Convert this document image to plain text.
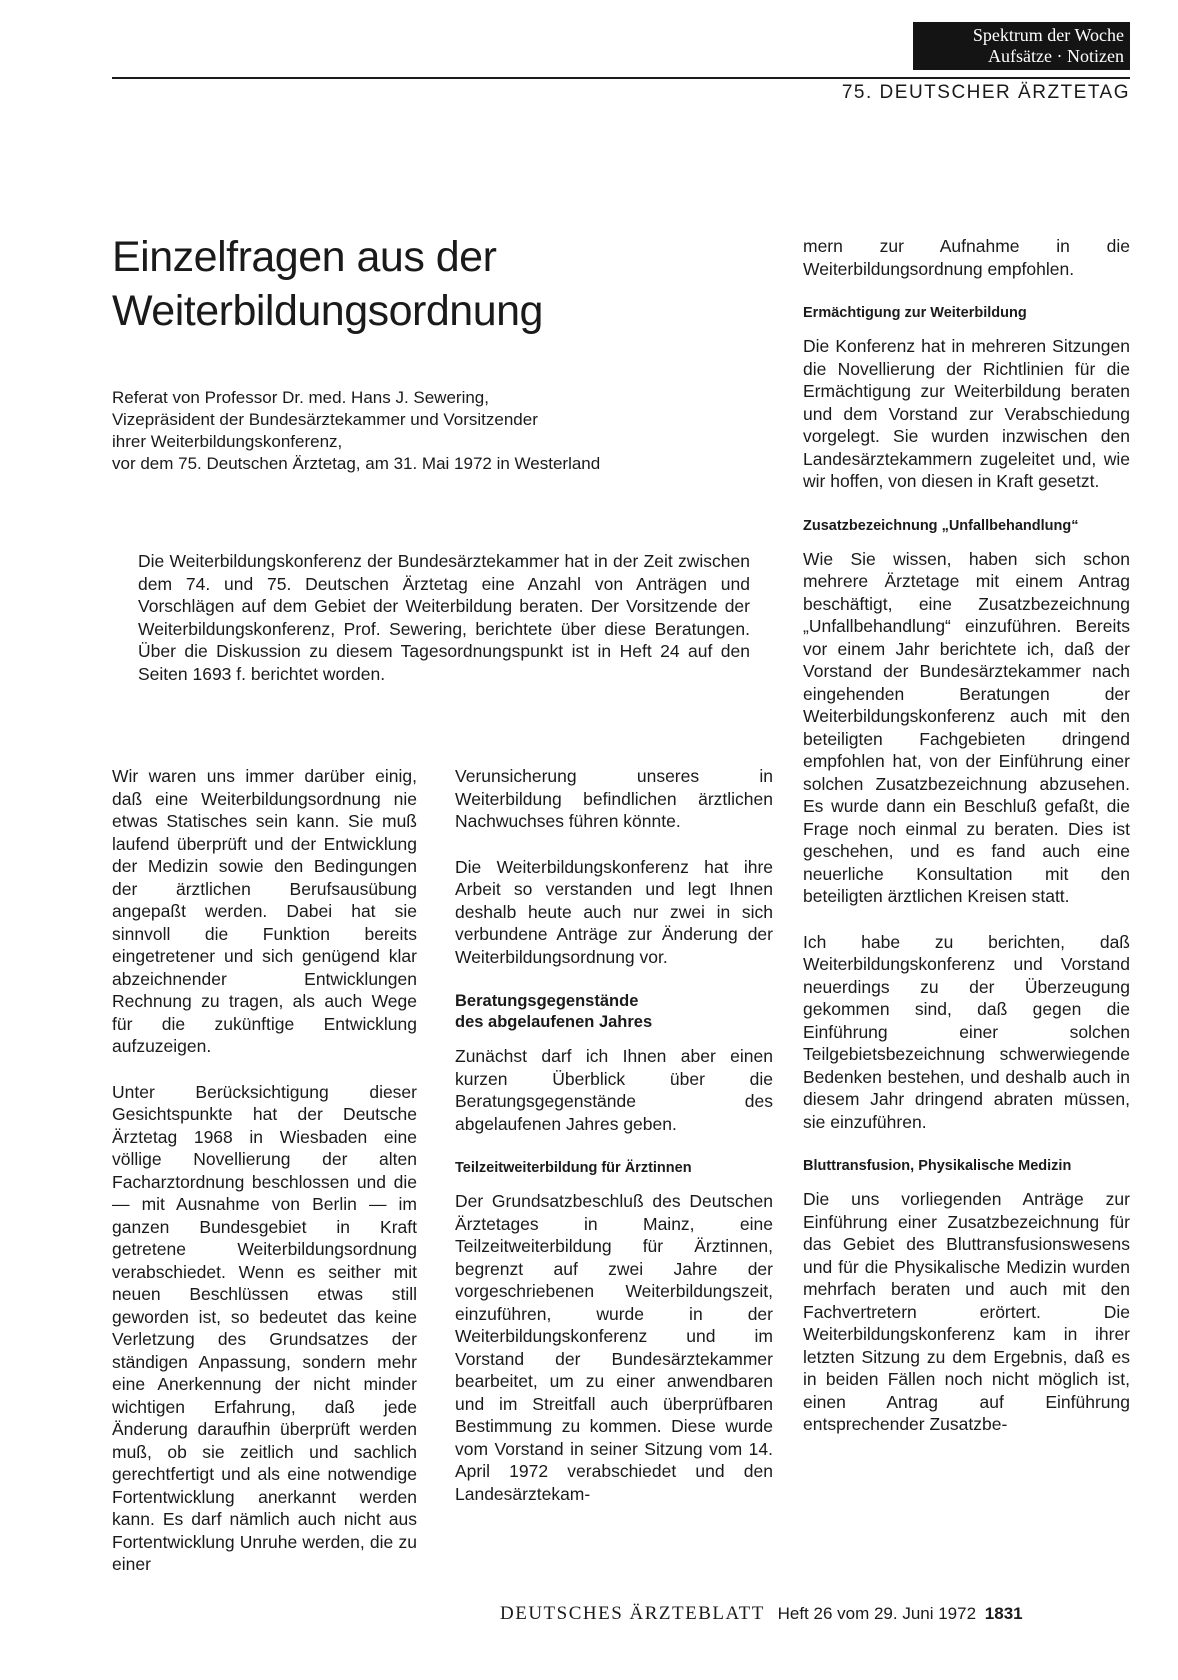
Spektrum der Woche
Aufsätze · Notizen
75. DEUTSCHER ÄRZTETAG
Einzelfragen aus der
Weiterbildungsordnung

Referat von Professor Dr. med. Hans J. Sewering,
Vizepräsident der Bundesärztekammer und Vorsitzender
ihrer Weiterbildungskonferenz,
vor dem 75. Deutschen Ärztetag, am 31. Mai 1972 in Westerland

Die Weiterbildungskonferenz der Bundesärztekammer hat in der Zeit zwischen dem 74. und 75. Deutschen Ärztetag eine Anzahl von Anträgen und Vorschlägen auf dem Gebiet der Weiterbildung beraten. Der Vorsitzende der Weiterbildungskonferenz, Prof. Sewering, berichtete über diese Beratungen. Über die Diskussion zu diesem Tagesordnungspunkt ist in Heft 24 auf den Seiten 1693 f. berichtet worden.

Wir waren uns immer darüber einig, daß eine Weiterbildungsordnung nie etwas Statisches sein kann. Sie muß laufend überprüft und der Entwicklung der Medizin sowie den Bedingungen der ärztlichen Berufsausübung angepaßt werden. Dabei hat sie sinnvoll die Funktion bereits eingetretener und sich genügend klar abzeichnender Entwicklungen Rechnung zu tragen, als auch Wege für die zukünftige Entwicklung aufzuzeigen.

Unter Berücksichtigung dieser Gesichtspunkte hat der Deutsche Ärztetag 1968 in Wiesbaden eine völlige Novellierung der alten Facharztordnung beschlossen und die — mit Ausnahme von Berlin — im ganzen Bundesgebiet in Kraft getretene Weiterbildungsordnung verabschiedet. Wenn es seither mit neuen Beschlüssen etwas still geworden ist, so bedeutet das keine Verletzung des Grundsatzes der ständigen Anpassung, sondern mehr eine Anerkennung der nicht minder wichtigen Erfahrung, daß jede Änderung daraufhin überprüft werden muß, ob sie zeitlich und sachlich gerechtfertigt und als eine notwendige Fortentwicklung anerkannt werden kann. Es darf nämlich auch nicht aus Fortentwicklung Unruhe werden, die zu einer

Verunsicherung unseres in Weiterbildung befindlichen ärztlichen Nachwuchses führen könnte.

Die Weiterbildungskonferenz hat ihre Arbeit so verstanden und legt Ihnen deshalb heute auch nur zwei in sich verbundene Anträge zur Änderung der Weiterbildungsordnung vor.

Beratungsgegenstände
des abgelaufenen Jahres

Zunächst darf ich Ihnen aber einen kurzen Überblick über die Beratungsgegenstände des abgelaufenen Jahres geben.

Teilzeitweiterbildung für Ärztinnen

Der Grundsatzbeschluß des Deutschen Ärztetages in Mainz, eine Teilzeitweiterbildung für Ärztinnen, begrenzt auf zwei Jahre der vorgeschriebenen Weiterbildungszeit, einzuführen, wurde in der Weiterbildungskonferenz und im Vorstand der Bundesärztekammer bearbeitet, um zu einer anwendbaren und im Streitfall auch überprüfbaren Bestimmung zu kommen. Diese wurde vom Vorstand in seiner Sitzung vom 14. April 1972 verabschiedet und den Landesärztekam-

mern zur Aufnahme in die Weiterbildungsordnung empfohlen.

Ermächtigung zur Weiterbildung

Die Konferenz hat in mehreren Sitzungen die Novellierung der Richtlinien für die Ermächtigung zur Weiterbildung beraten und dem Vorstand zur Verabschiedung vorgelegt. Sie wurden inzwischen den Landesärztekammern zugeleitet und, wie wir hoffen, von diesen in Kraft gesetzt.

Zusatzbezeichnung „Unfallbehandlung“

Wie Sie wissen, haben sich schon mehrere Ärztetage mit einem Antrag beschäftigt, eine Zusatzbezeichnung „Unfallbehandlung“ einzuführen. Bereits vor einem Jahr berichtete ich, daß der Vorstand der Bundesärztekammer nach eingehenden Beratungen der Weiterbildungskonferenz auch mit den beteiligten Fachgebieten dringend empfohlen hat, von der Einführung einer solchen Zusatzbezeichnung abzusehen. Es wurde dann ein Beschluß gefaßt, die Frage noch einmal zu beraten. Dies ist geschehen, und es fand auch eine neuerliche Konsultation mit den beteiligten ärztlichen Kreisen statt.

Ich habe zu berichten, daß Weiterbildungskonferenz und Vorstand neuerdings zu der Überzeugung gekommen sind, daß gegen die Einführung einer solchen Teilgebietsbezeichnung schwerwiegende Bedenken bestehen, und deshalb auch in diesem Jahr dringend abraten müssen, sie einzuführen.

Bluttransfusion, Physikalische Medizin

Die uns vorliegenden Anträge zur Einführung einer Zusatzbezeichnung für das Gebiet des Bluttransfusionswesens und für die Physikalische Medizin wurden mehrfach beraten und auch mit den Fachvertretern erörtert. Die Weiterbildungskonferenz kam in ihrer letzten Sitzung zu dem Ergebnis, daß es in beiden Fällen noch nicht möglich ist, einen Antrag auf Einführung entsprechender Zusatzbe-

DEUTSCHES ÄRZTEBLATT Heft 26 vom 29. Juni 1972 1831
